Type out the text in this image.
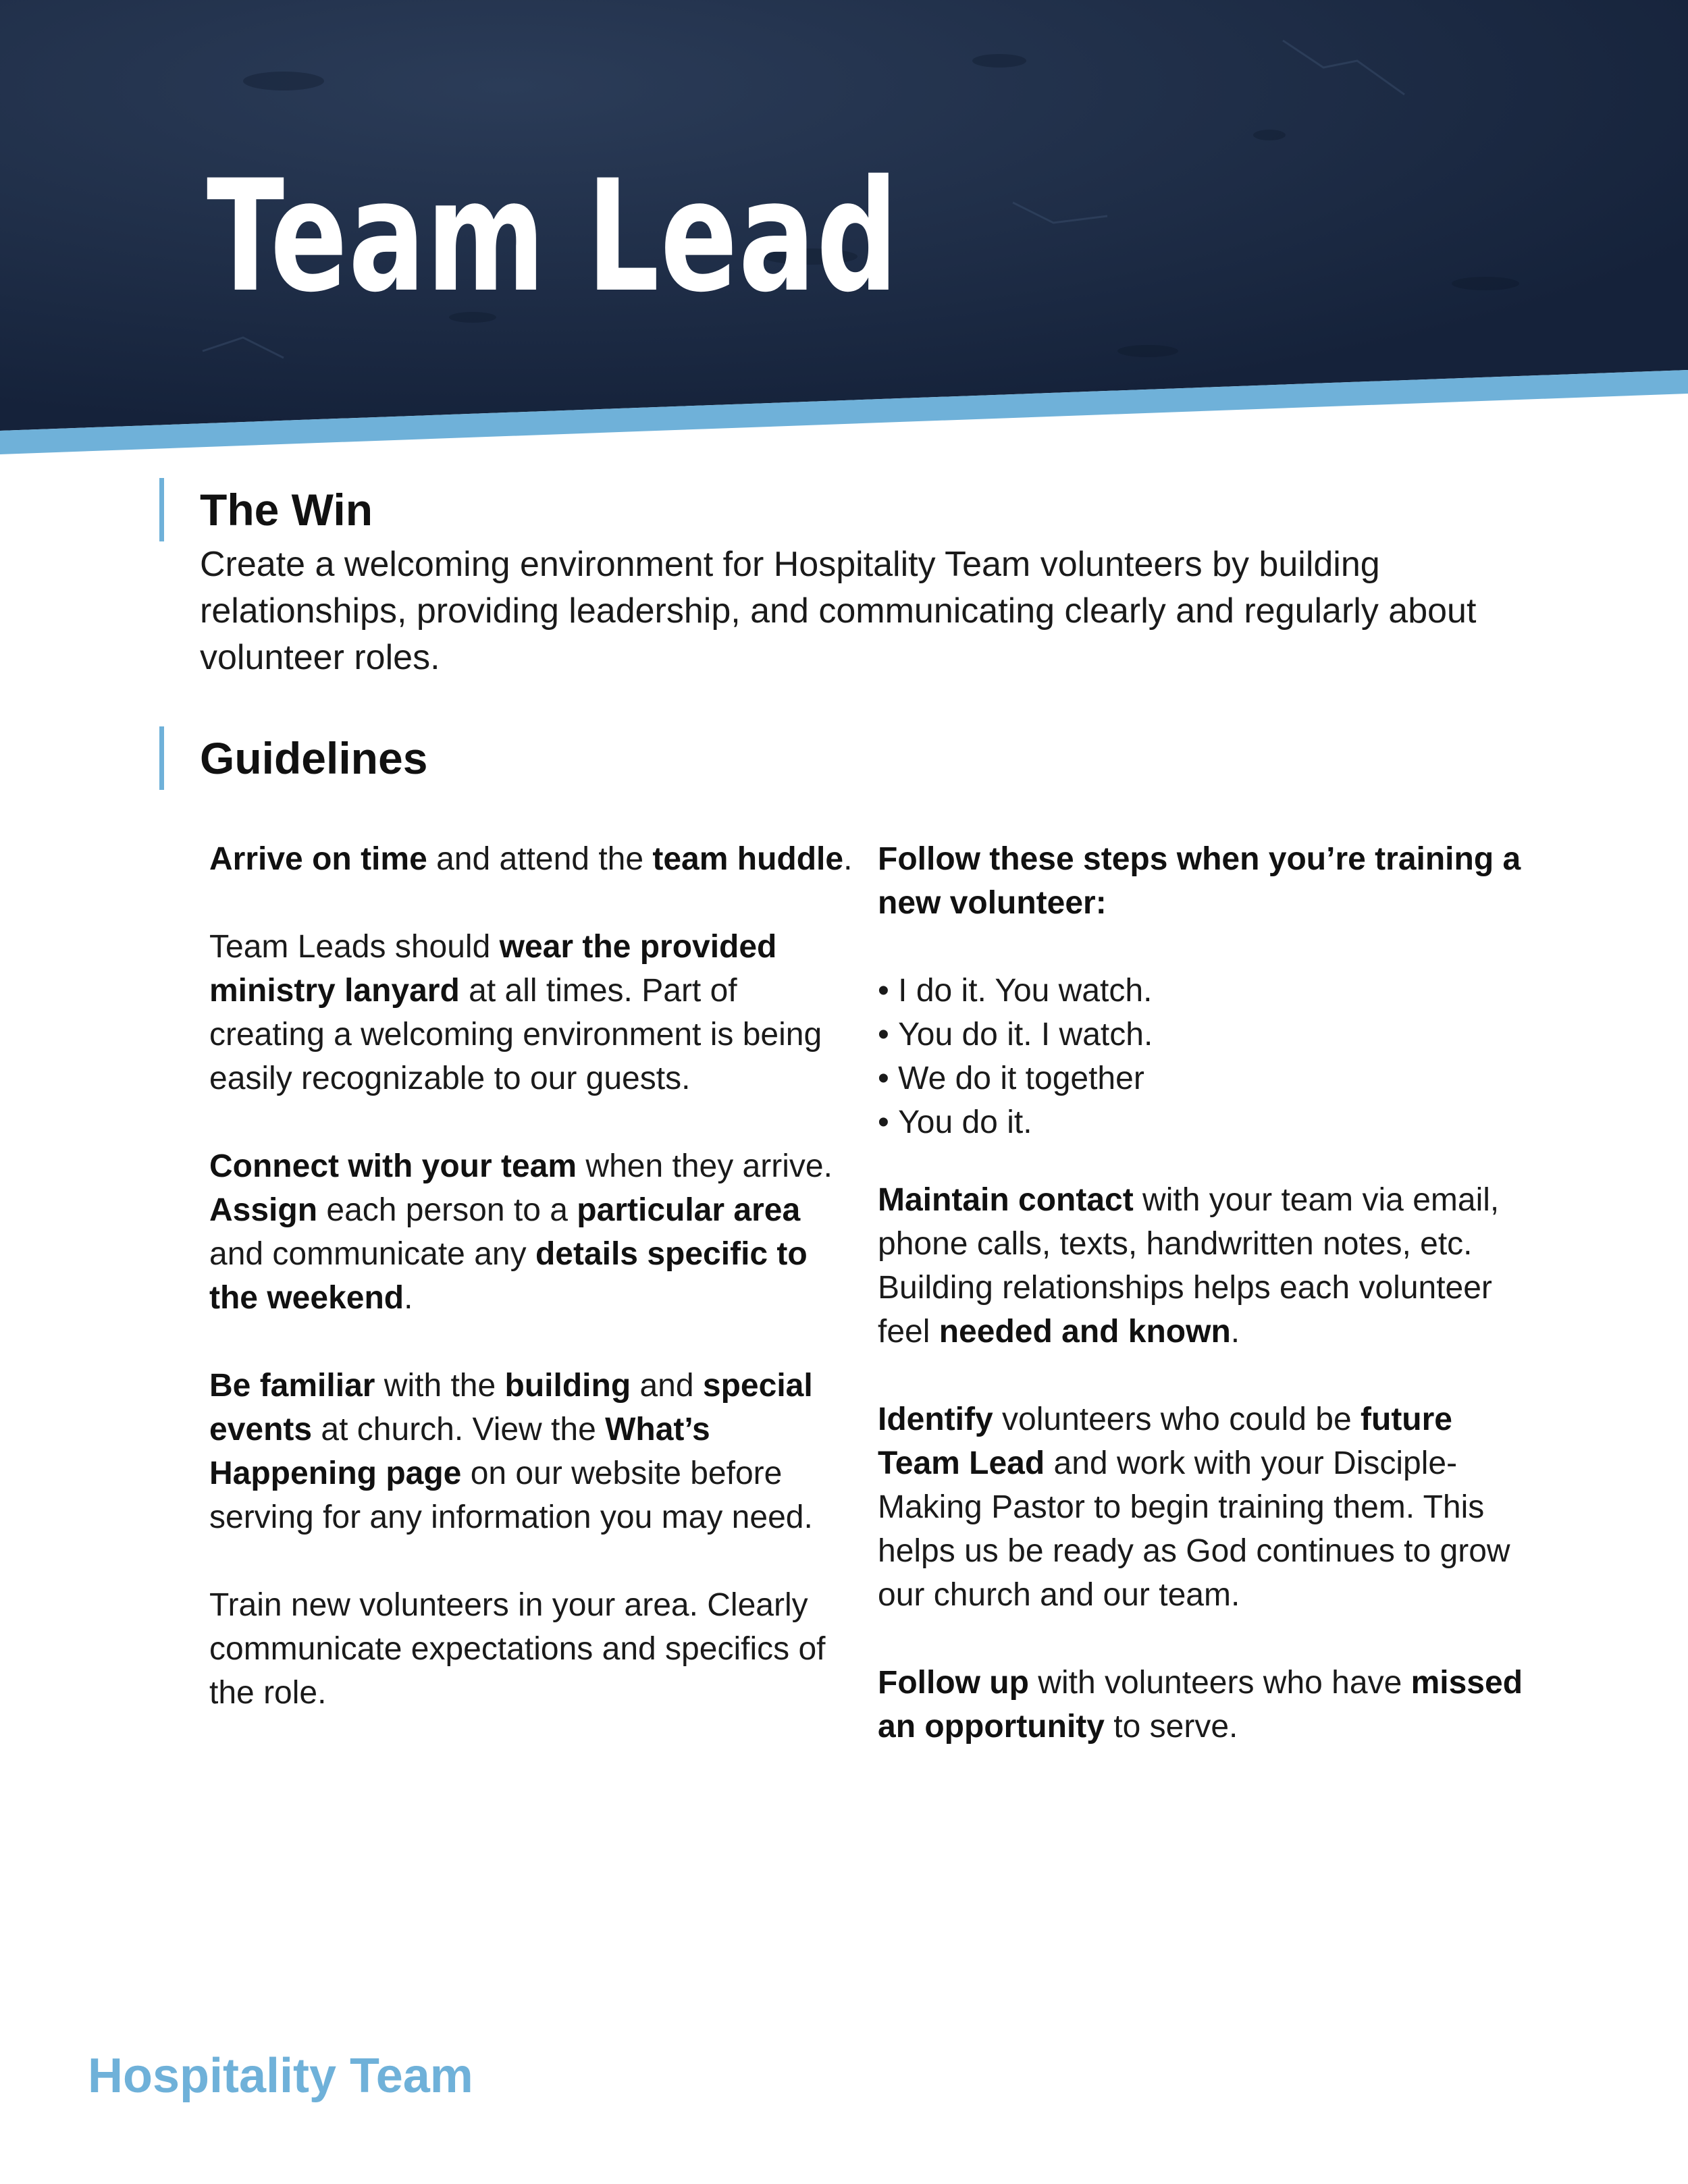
Team Lead
The Win

Create a welcoming environment for Hospitality Team volunteers by building relationships, providing leadership, and communicating clearly and regularly about volunteer roles.

Guidelines

Arrive on time and attend the team huddle.

Team Leads should wear the provided ministry lanyard at all times. Part of creating a welcoming environment is being easily recognizable to our guests.

Connect with your team when they arrive. Assign each person to a particular area and communicate any details specific to the weekend.

Be familiar with the building and special events at church. View the What’s Happening page on our website before serving for any information you may need.

Train new volunteers in your area. Clearly communicate expectations and specifics of the role.

Follow these steps when you’re training a new volunteer:

• I do it. You watch.
• You do it. I watch.
• We do it together
• You do it.

Maintain contact with your team via email, phone calls, texts, handwritten notes, etc. Building relationships helps each volunteer feel needed and known.

Identify volunteers who could be future Team Lead and work with your Disciple-Making Pastor to begin training them. This helps us be ready as God continues to grow our church and our team.

Follow up with volunteers who have missed an opportunity to serve.

Hospitality Team
